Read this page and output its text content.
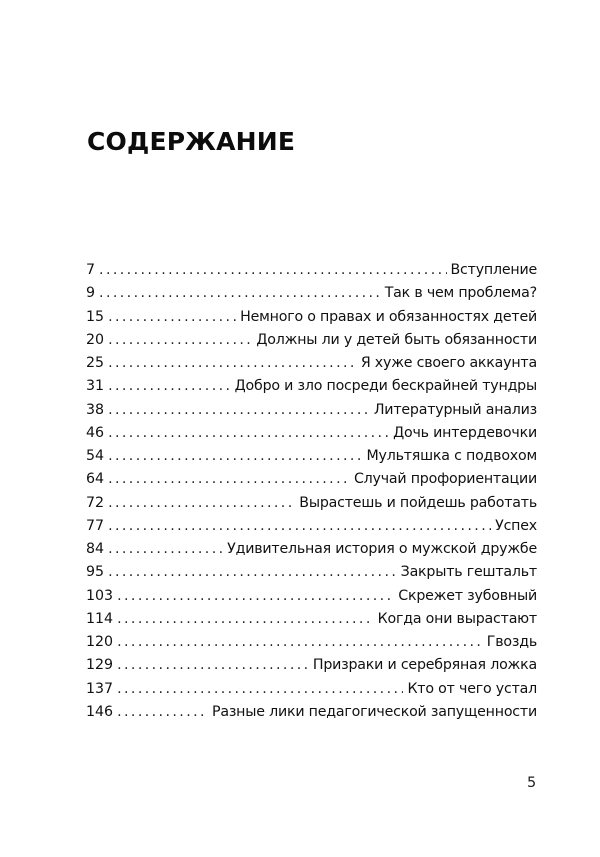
СОДЕРЖАНИЕ
7 .....	Вступление
9 .....	Так в чем проблема?
15 .....	Немного о правах и обязанностях детей
20 .....	Должны ли у детей быть обязанности
25 .....	Я хуже своего аккаунта
31 .....	Добро и зло посреди бескрайней тундры
38 .....	Литературный анализ
46 .....	Дочь интердевочки
54 .....	Мультяшка с подвохом
64 .....	Случай профориентации
72 .....	Вырастешь и пойдешь работать
77 .....	Успех
84 .....	Удивительная история о мужской дружбе
95 .....	Закрыть гештальт
103 .....	Скрежет зубовный
114 .....	Когда они вырастают
120 .....	Гвоздь
129 .....	Призраки и серебряная ложка
137 .....	Кто от чего устал
146 .....	Разные лики педагогической запущенности
5
